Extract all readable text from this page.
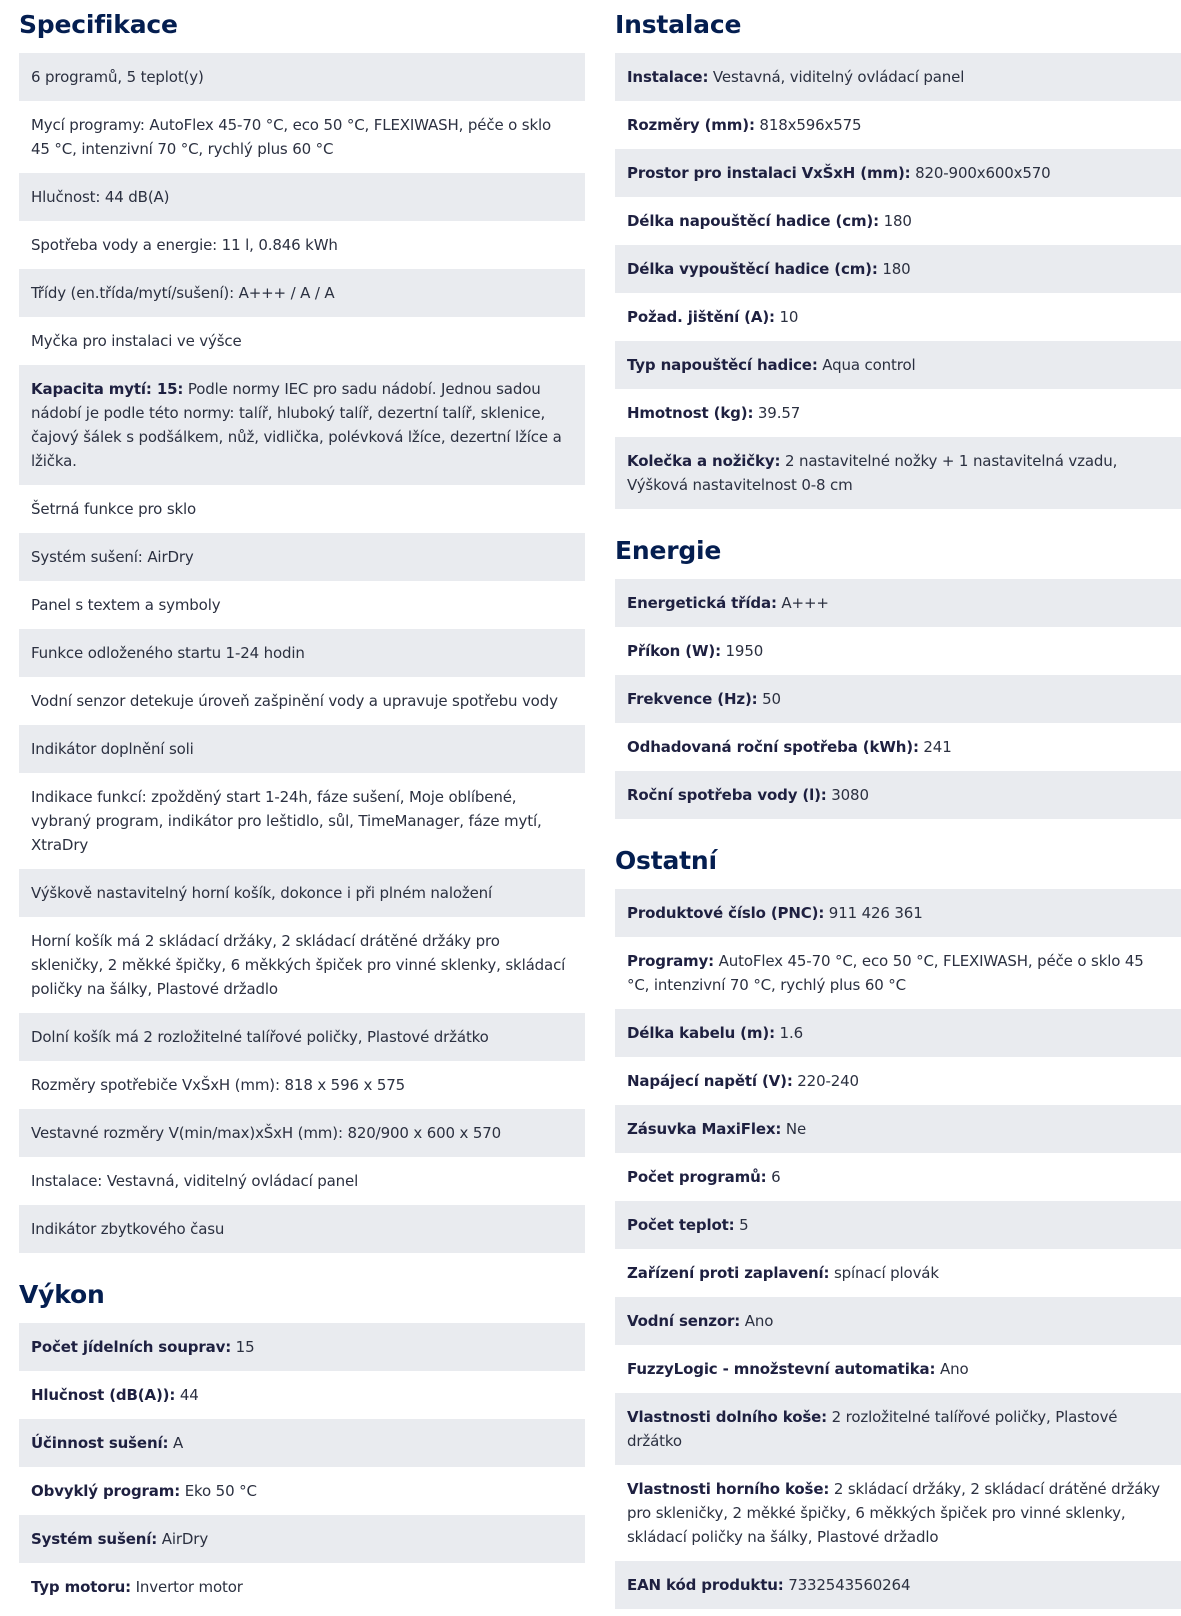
Specifikace
6 programů, 5 teplot(y)
Mycí programy: AutoFlex 45-70 °C, eco 50 °C, FLEXIWASH, péče o sklo 45 °C, intenzivní 70 °C, rychlý plus 60 °C
Hlučnost: 44 dB(A)
Spotřeba vody a energie: 11 l, 0.846 kWh
Třídy (en.třída/mytí/sušení): A+++ / A / A
Myčka pro instalaci ve výšce
Kapacita mytí: 15: Podle normy IEC pro sadu nádobí. Jednou sadou nádobí je podle této normy: talíř, hluboký talíř, dezertní talíř, sklenice, čajový šálek s podšálkem, nůž, vidlička, polévková lžíce, dezertní lžíce a lžička.
Šetrná funkce pro sklo
Systém sušení: AirDry
Panel s textem a symboly
Funkce odloženého startu 1-24 hodin
Vodní senzor detekuje úroveň zašpinění vody a upravuje spotřebu vody
Indikátor doplnění soli
Indikace funkcí: zpožděný start 1-24h, fáze sušení, Moje oblíbené, vybraný program, indikátor pro leštidlo, sůl, TimeManager, fáze mytí, XtraDry
Výškově nastavitelný horní košík, dokonce i při plném naložení
Horní košík má 2 skládací držáky, 2 skládací drátěné držáky pro skleničky, 2 měkké špičky, 6 měkkých špiček pro vinné sklenky, skládací poličky na šálky, Plastové držadlo
Dolní košík má 2 rozložitelné talířové poličky, Plastové držátko
Rozměry spotřebiče VxŠxH (mm): 818 x 596 x 575
Vestavné rozměry V(min/max)xŠxH (mm): 820/900 x 600 x 570
Instalace: Vestavná, viditelný ovládací panel
Indikátor zbytkového času
Výkon
Počet jídelních souprav: 15
Hlučnost (dB(A)): 44
Účinnost sušení: A
Obvyklý program: Eko 50 °C
Systém sušení: AirDry
Typ motoru: Invertor motor
Instalace
Instalace: Vestavná, viditelný ovládací panel
Rozměry (mm): 818x596x575
Prostor pro instalaci VxŠxH (mm): 820-900x600x570
Délka napouštěcí hadice (cm): 180
Délka vypouštěcí hadice (cm): 180
Požad. jištění (A): 10
Typ napouštěcí hadice: Aqua control
Hmotnost (kg): 39.57
Kolečka a nožičky: 2 nastavitelné nožky + 1 nastavitelná vzadu, Výšková nastavitelnost 0-8 cm
Energie
Energetická třída: A+++
Příkon (W): 1950
Frekvence (Hz): 50
Odhadovaná roční spotřeba (kWh): 241
Roční spotřeba vody (l): 3080
Ostatní
Produktové číslo (PNC): 911 426 361
Programy: AutoFlex 45-70 °C, eco 50 °C, FLEXIWASH, péče o sklo 45 °C, intenzivní 70 °C, rychlý plus 60 °C
Délka kabelu (m): 1.6
Napájecí napětí (V): 220-240
Zásuvka MaxiFlex: Ne
Počet programů: 6
Počet teplot: 5
Zařízení proti zaplavení: spínací plovák
Vodní senzor: Ano
FuzzyLogic - množstevní automatika: Ano
Vlastnosti dolního koše: 2 rozložitelné talířové poličky, Plastové držátko
Vlastnosti horního koše: 2 skládací držáky, 2 skládací drátěné držáky pro skleničky, 2 měkké špičky, 6 měkkých špiček pro vinné sklenky, skládací poličky na šálky, Plastové držadlo
EAN kód produktu: 7332543560264
